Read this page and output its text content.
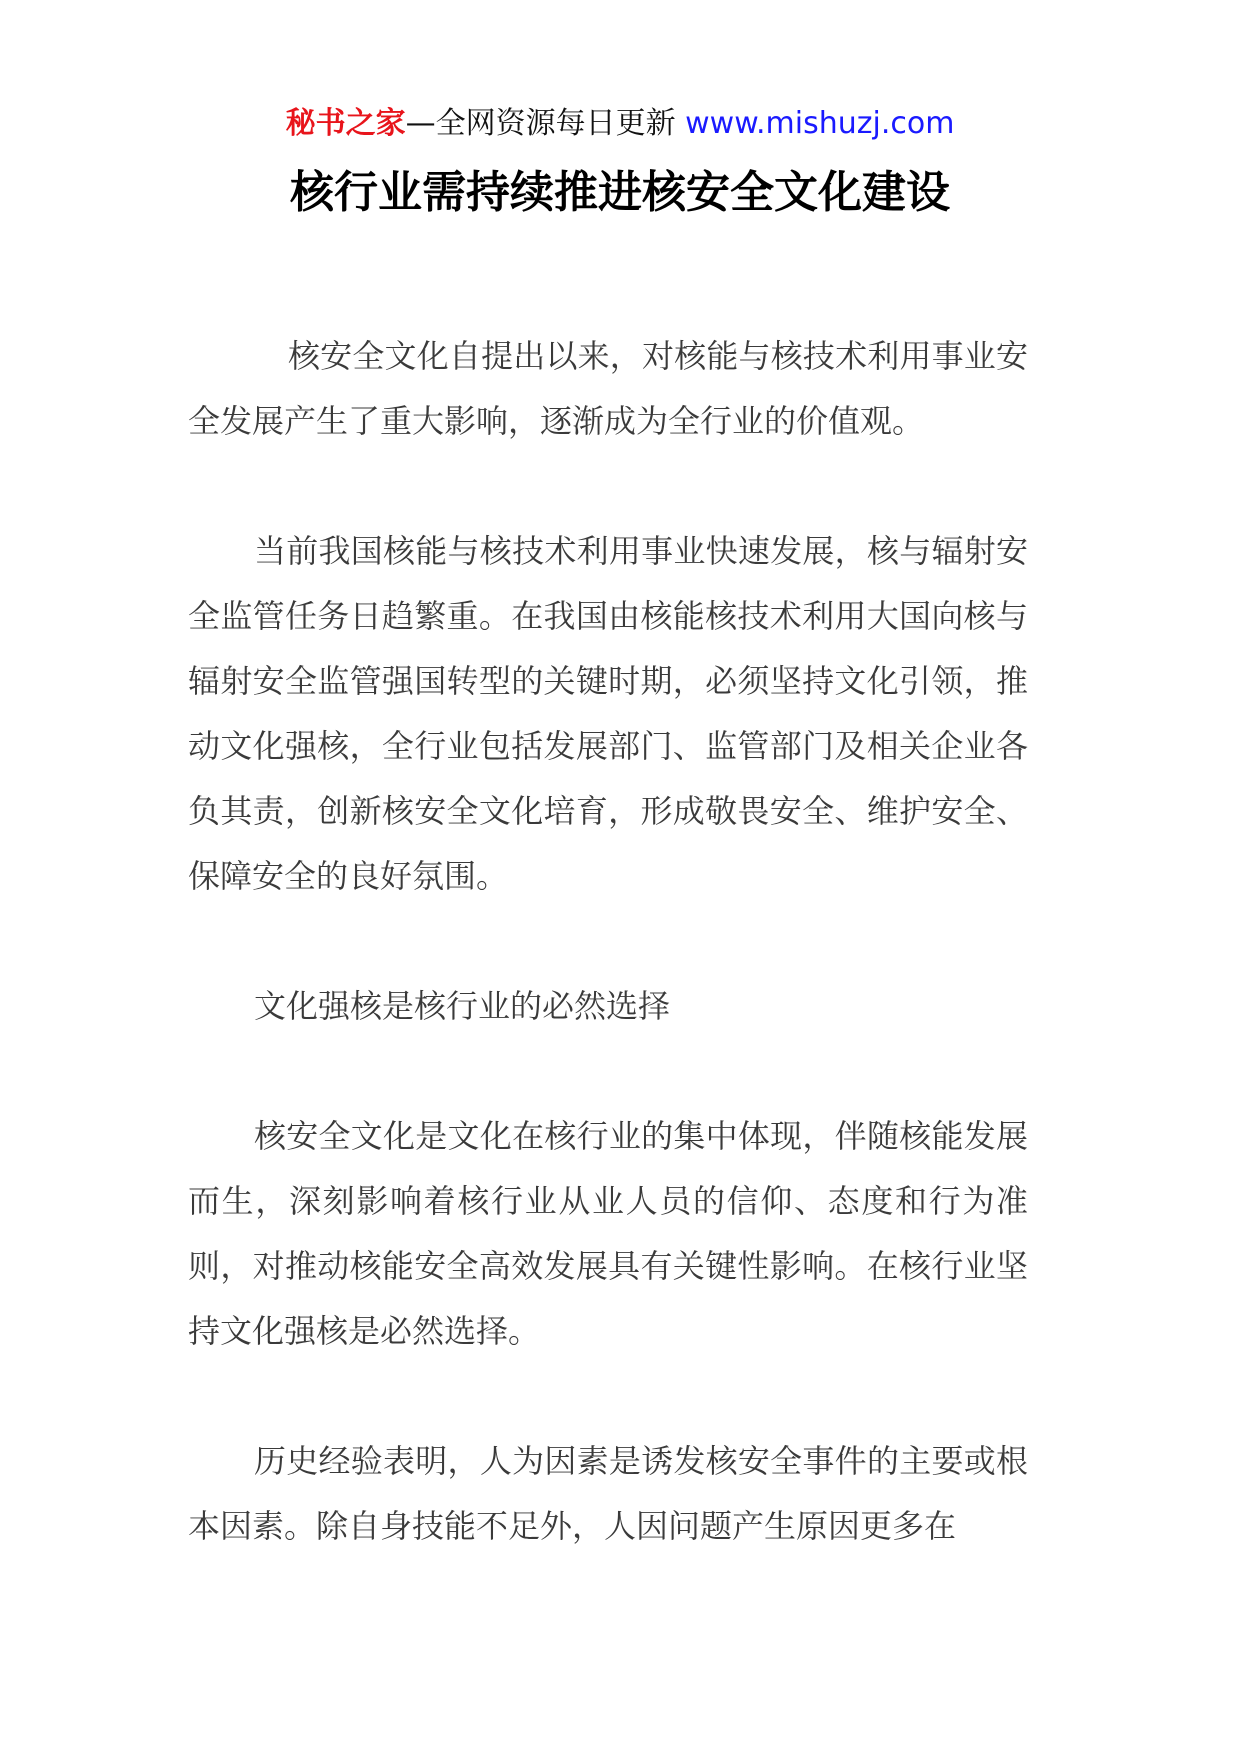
秘书之家—全网资源每日更新 www.mishuzj.com
核行业需持续推进核安全文化建设

核安全文化自提出以来，对核能与核技术利用事业安全发展产生了重大影响，逐渐成为全行业的价值观。

当前我国核能与核技术利用事业快速发展，核与辐射安全监管任务日趋繁重。在我国由核能核技术利用大国向核与辐射安全监管强国转型的关键时期，必须坚持文化引领，推动文化强核，全行业包括发展部门、监管部门及相关企业各负其责，创新核安全文化培育，形成敬畏安全、维护安全、保障安全的良好氛围。

文化强核是核行业的必然选择

核安全文化是文化在核行业的集中体现，伴随核能发展而生，深刻影响着核行业从业人员的信仰、态度和行为准则，对推动核能安全高效发展具有关键性影响。在核行业坚持文化强核是必然选择。

历史经验表明，人为因素是诱发核安全事件的主要或根本因素。除自身技能不足外，人因问题产生原因更多在
